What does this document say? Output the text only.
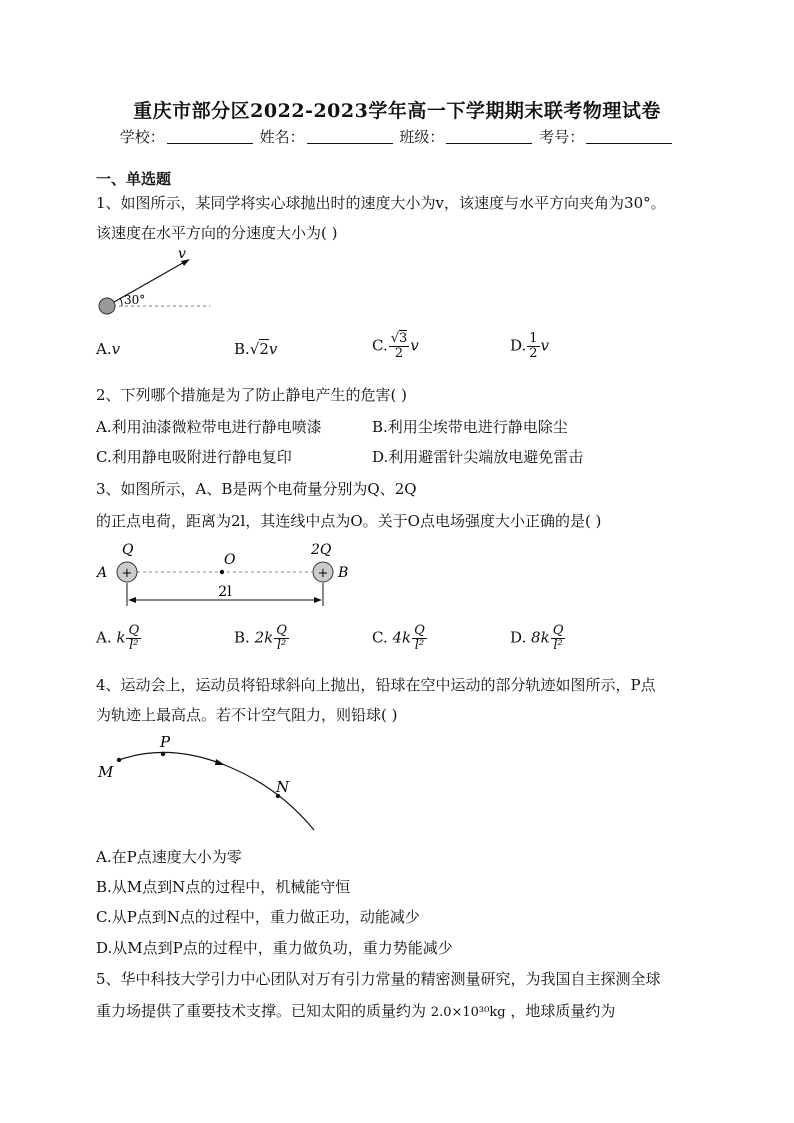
重庆市部分区2022-2023学年高一下学期期末联考物理试卷
学校：	姓名：	班级：	考号：
一、单选题
1、如图所示，某同学将实心球抛出时的速度大小为v，该速度与水平方向夹角为30°。
该速度在水平方向的分速度大小为( )
v
30°
A.v	B.√2v	C. $\frac{√3}{2}$ v	D. $\frac{1}{2}$ v
2、下列哪个措施是为了防止静电产生的危害( )
A.利用油漆微粒带电进行静电喷漆	B.利用尘埃带电进行静电除尘
C.利用静电吸附进行静电复印	D.利用避雷针尖端放电避免雷击
3、如图所示，A、B是两个电荷量分别为Q、2Q
的正点电荷，距离为2l，其连线中点为O。关于O点电场强度大小正确的是( )
+	+
Q
O
2Q
A	B
2l
A. k $\frac{Q}{\text{l²}}$	B. $2k \frac{Q}{\text{l²}}$	C. $4k \frac{Q}{\text{l²}}$	D. $8k \frac{Q}{\text{l²}}$
4、运动会上，运动员将铅球斜向上抛出，铅球在空中运动的部分轨迹如图所示，P点
为轨迹上最高点。若不计空气阻力，则铅球( )
M
P
N
A.在P点速度大小为零
B.从M点到N点的过程中，机械能守恒
C.从P点到N点的过程中，重力做正功，动能减少
D.从M点到P点的过程中，重力做负功，重力势能减少
5、华中科技大学引力中心团队对万有引力常量的精密测量研究，为我国自主探测全球
重力场提供了重要技术支撑。已知太阳的质量约为 2.0×10³⁰kg ，地球质量约为
